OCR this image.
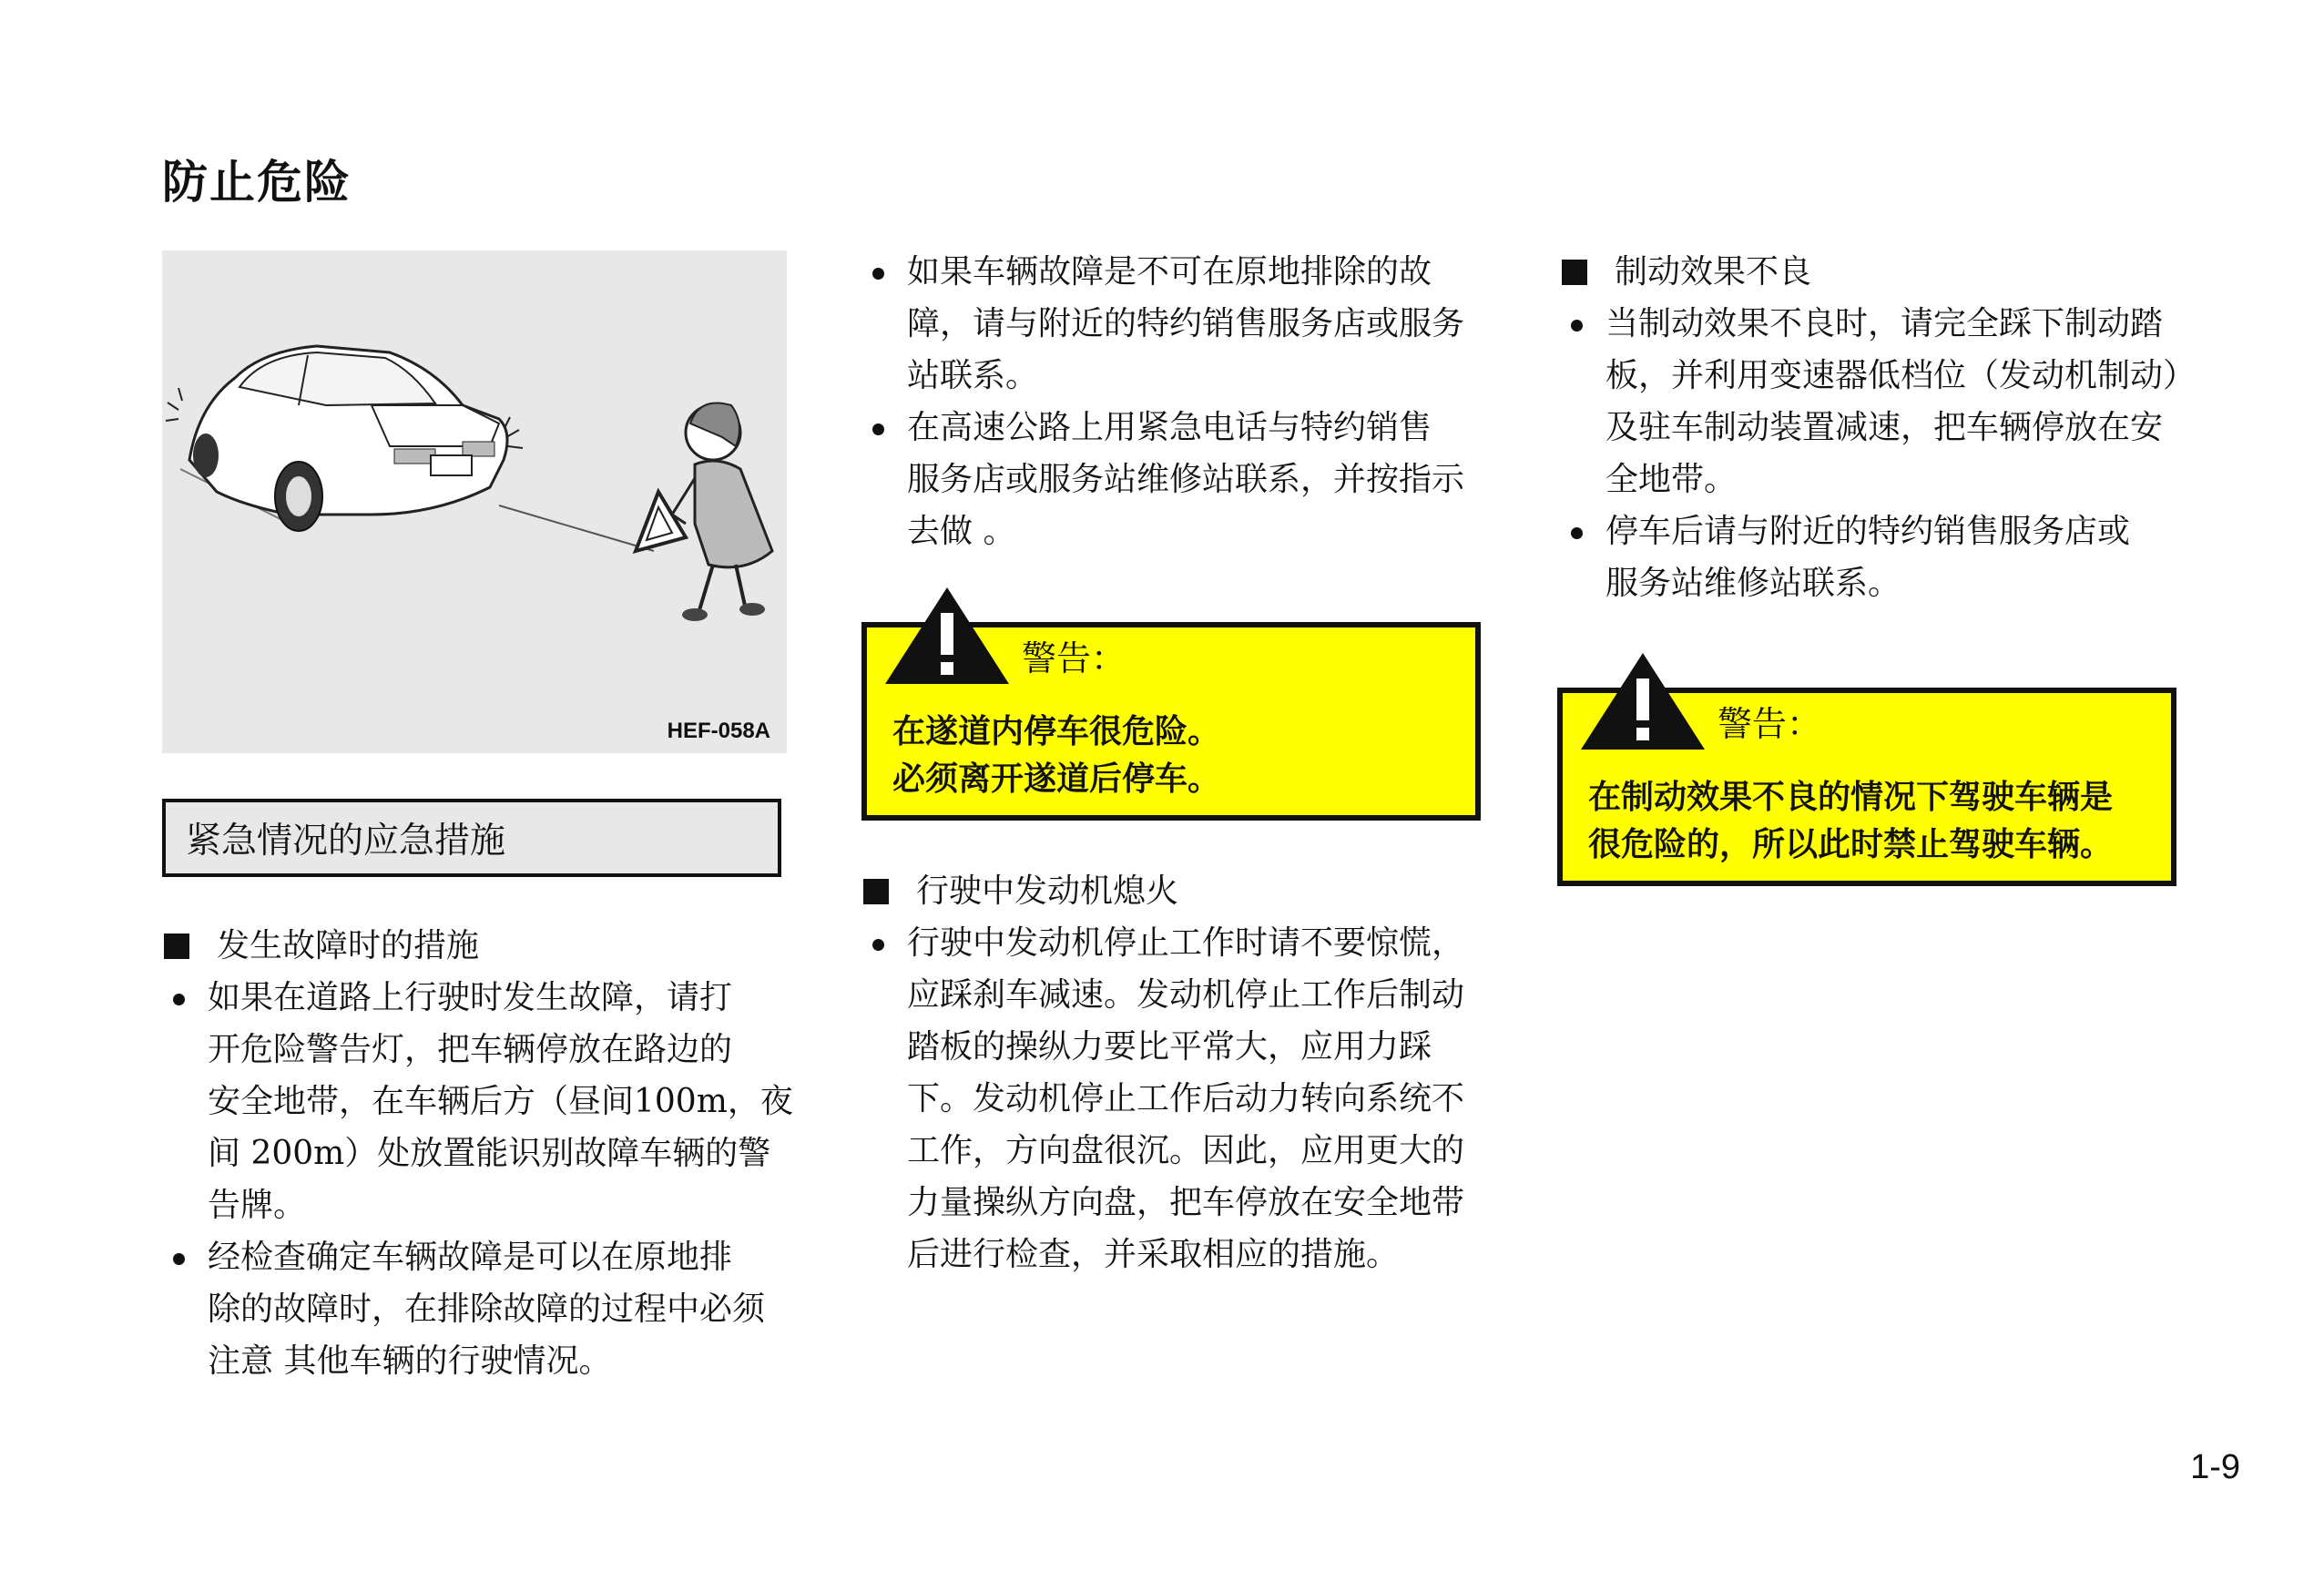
防止危险
HEF-058A
紧急情况的应急措施
发生故障时的措施
如果在道路上行驶时发生故障，请打
开危险警告灯，把车辆停放在路边的
安全地带，在车辆后方（昼间100m，夜
间 200m）处放置能识别故障车辆的警
告牌。
经检查确定车辆故障是可以在原地排
除的故障时，在排除故障的过程中必须
注意 其他车辆的行驶情况。
如果车辆故障是不可在原地排除的故
障，请与附近的特约销售服务店或服务
站联系。
在高速公路上用紧急电话与特约销售
服务店或服务站维修站联系，并按指示
去做 。
警告：
在遂道内停车很危险。
必须离开遂道后停车。
行驶中发动机熄火
行驶中发动机停止工作时请不要惊慌，
应踩刹车减速。发动机停止工作后制动
踏板的操纵力要比平常大，应用力踩
下。发动机停止工作后动力转向系统不
工作，方向盘很沉。因此，应用更大的
力量操纵方向盘，把车停放在安全地带
后进行检查，并采取相应的措施。
制动效果不良
当制动效果不良时，请完全踩下制动踏
板，并利用变速器低档位（发动机制动）
及驻车制动装置减速，把车辆停放在安
全地带。
停车后请与附近的特约销售服务店或
服务站维修站联系。
警告：
在制动效果不良的情况下驾驶车辆是
很危险的，所以此时禁止驾驶车辆。
1-9
